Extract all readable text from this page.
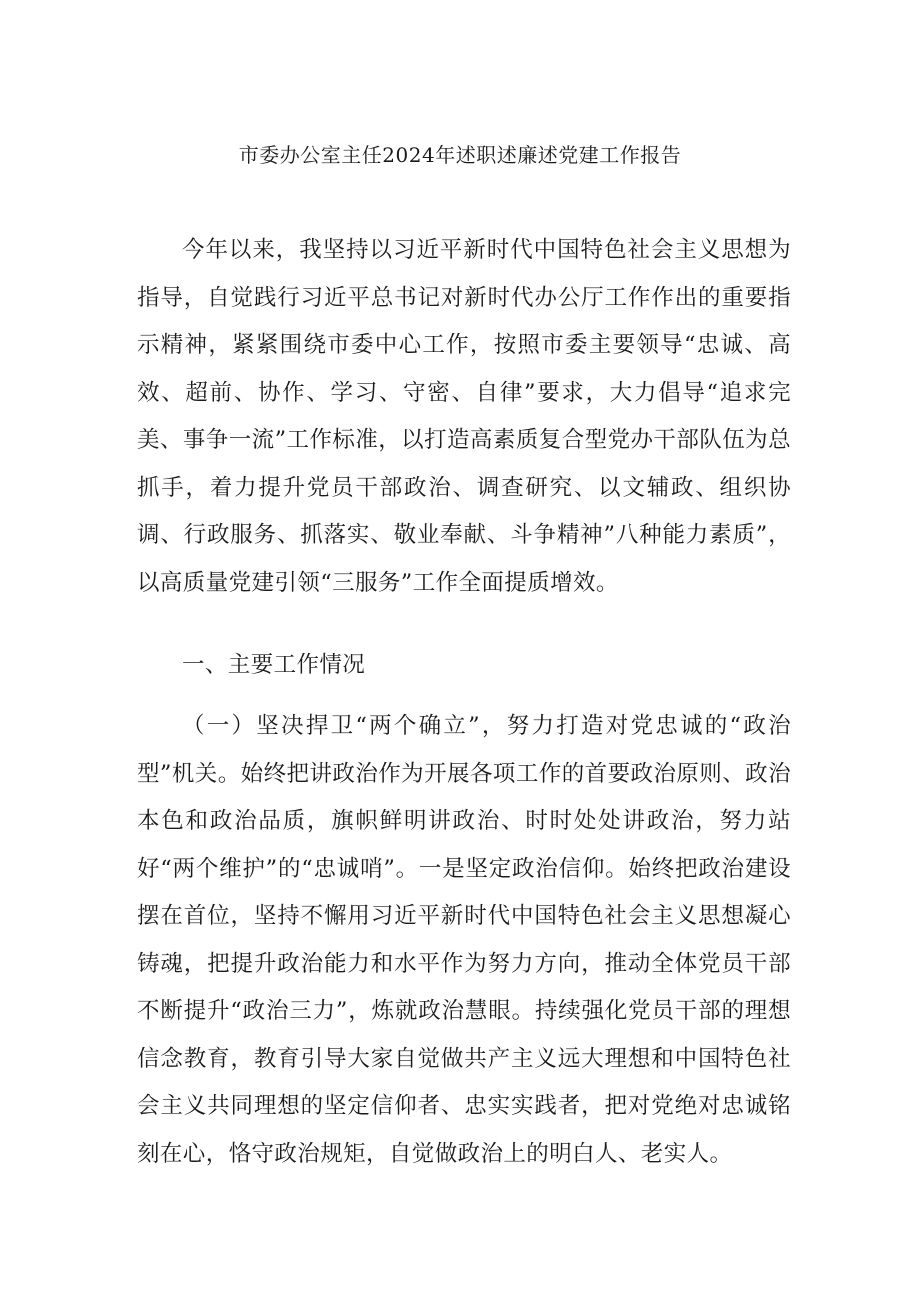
市委办公室主任2024年述职述廉述党建工作报告
今年以来，我坚持以习近平新时代中国特色社会主义思想为指导，自觉践行习近平总书记对新时代办公厅工作作出的重要指示精神，紧紧围绕市委中心工作，按照市委主要领导“忠诚、高效、超前、协作、学习、守密、自律”要求，大力倡导“追求完美、事争一流”工作标准，以打造高素质复合型党办干部队伍为总抓手，着力提升党员干部政治、调查研究、以文辅政、组织协调、行政服务、抓落实、敬业奉献、斗争精神”八种能力素质”，以高质量党建引领“三服务”工作全面提质增效。
一、主要工作情况
（一）坚决捍卫“两个确立”，努力打造对党忠诚的“政治型”机关。始终把讲政治作为开展各项工作的首要政治原则、政治本色和政治品质，旗帜鲜明讲政治、时时处处讲政治，努力站好“两个维护”的“忠诚哨”。一是坚定政治信仰。始终把政治建设摆在首位，坚持不懈用习近平新时代中国特色社会主义思想凝心铸魂，把提升政治能力和水平作为努力方向，推动全体党员干部不断提升“政治三力”，炼就政治慧眼。持续强化党员干部的理想信念教育，教育引导大家自觉做共产主义远大理想和中国特色社会主义共同理想的坚定信仰者、忠实实践者，把对党绝对忠诚铭刻在心，恪守政治规矩，自觉做政治上的明白人、老实人。
